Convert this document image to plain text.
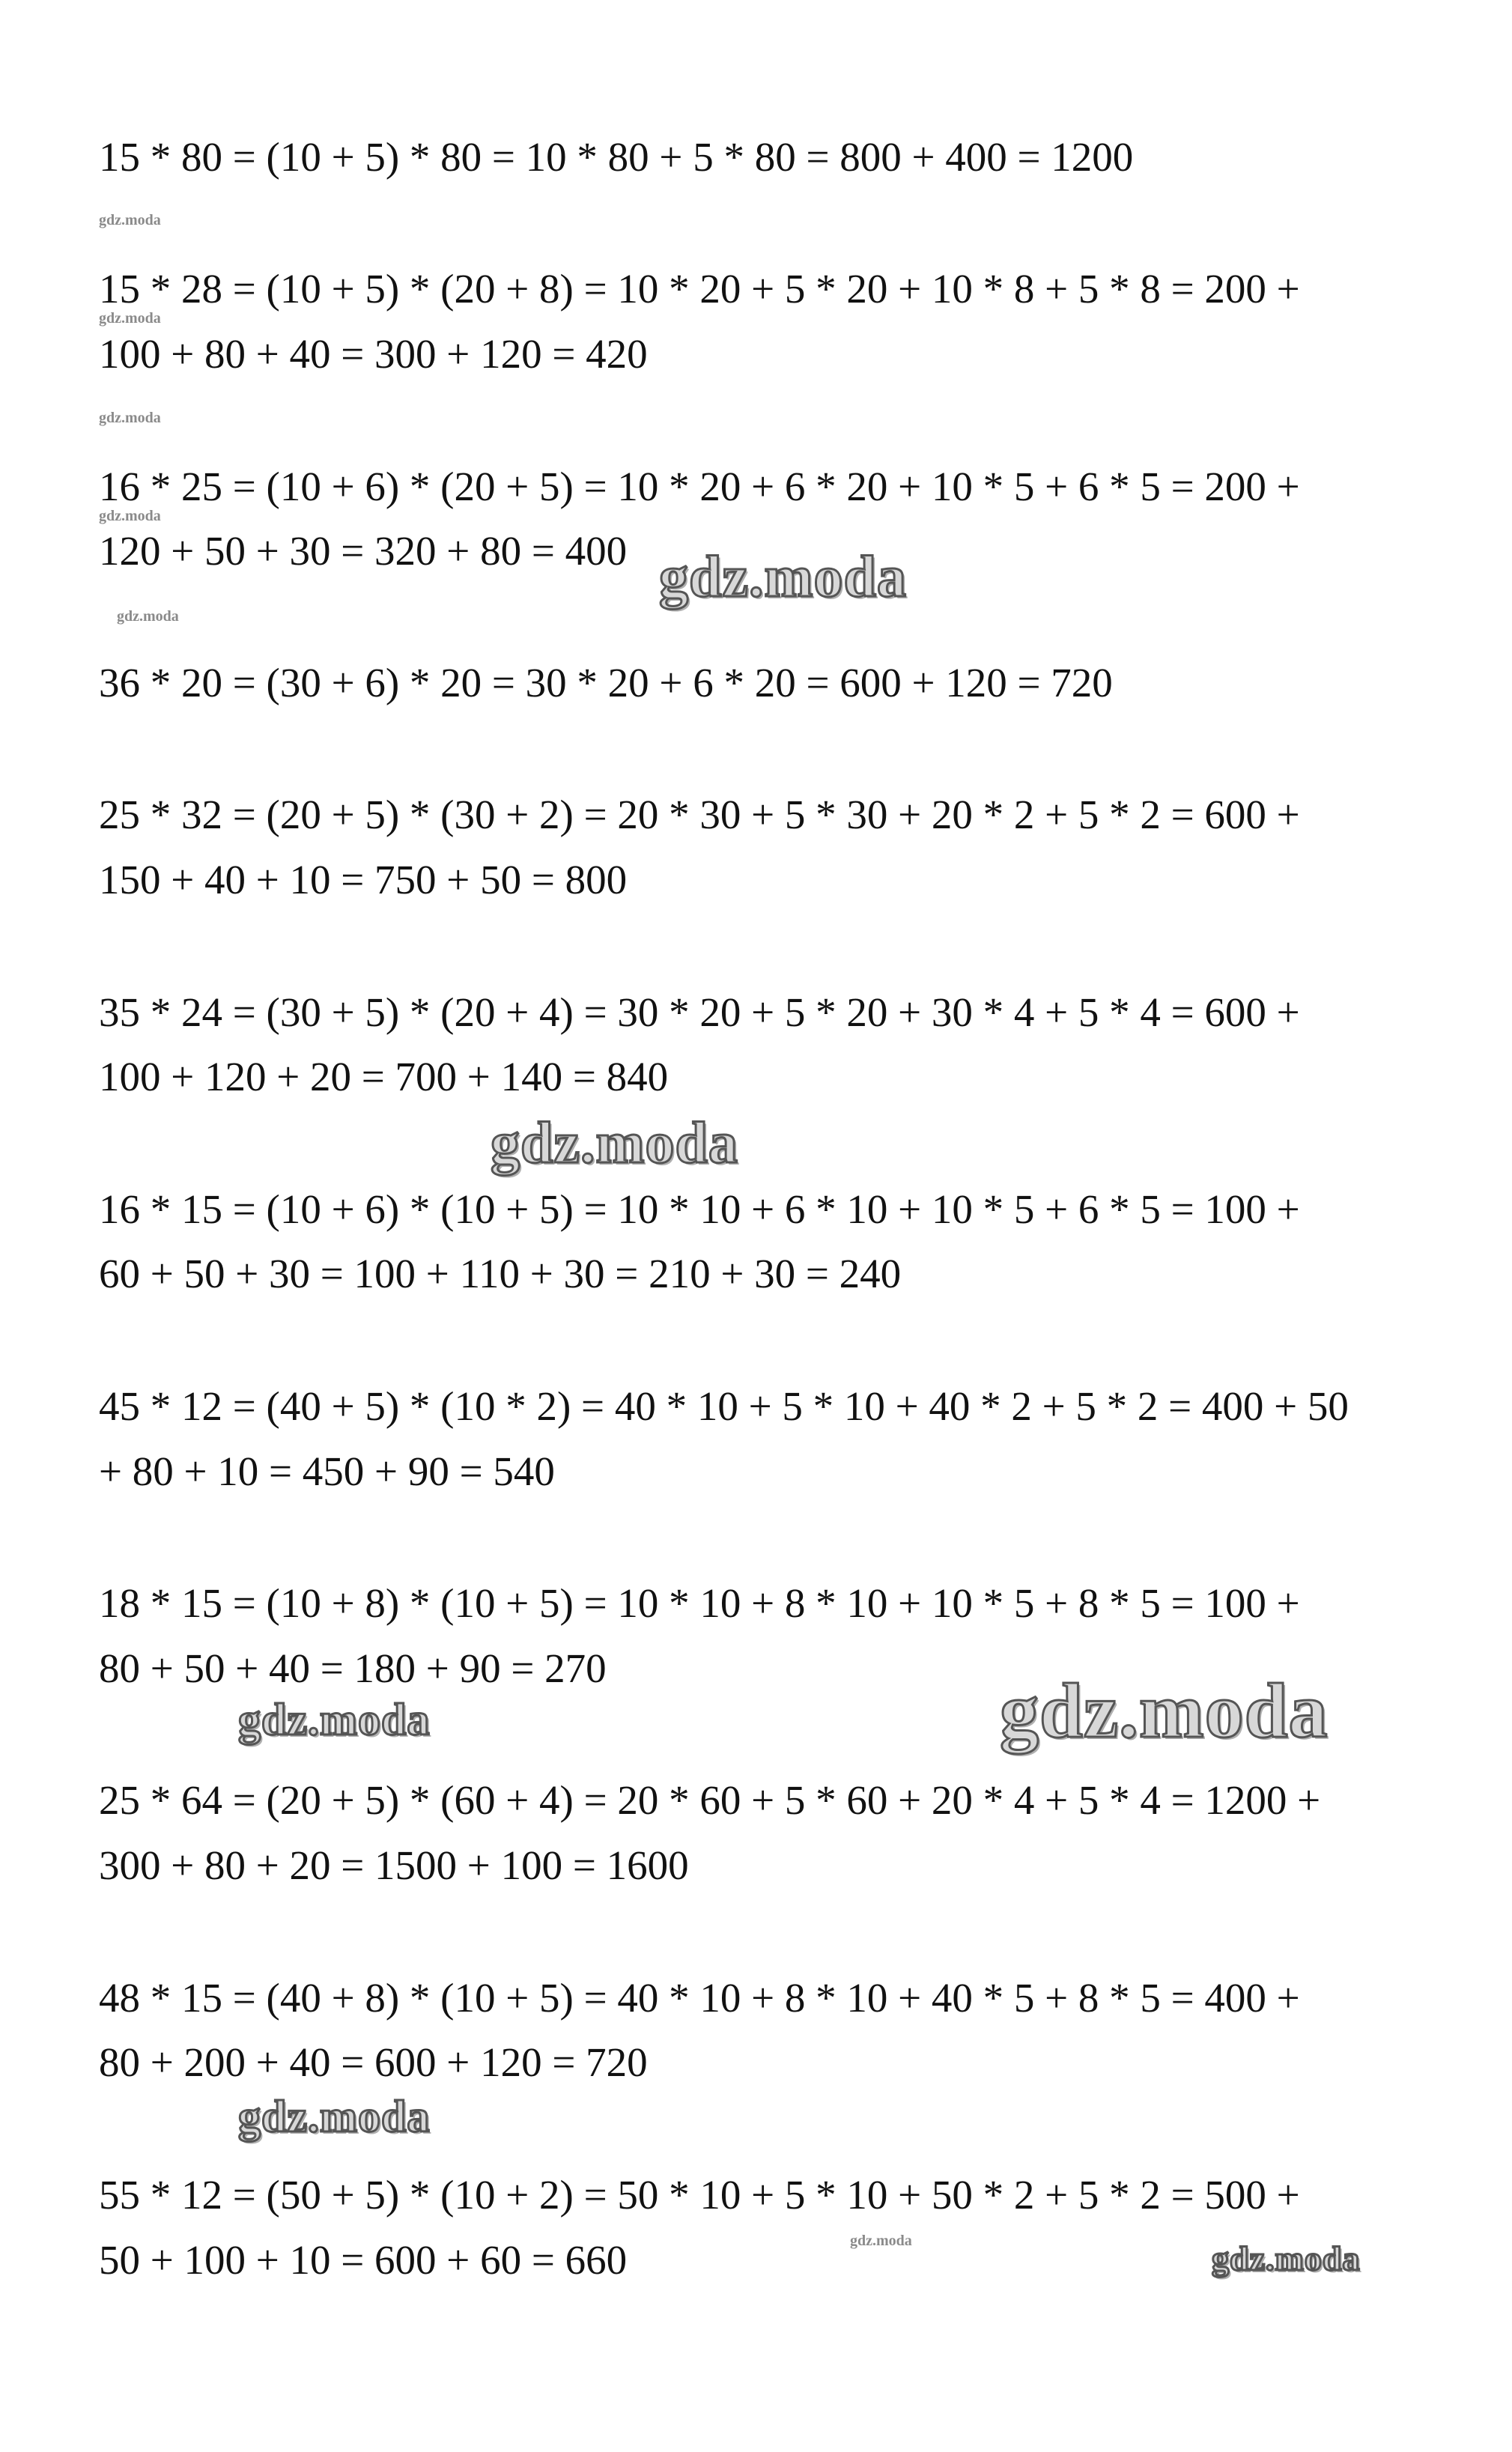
15 * 80 = (10 + 5) * 80 = 10 * 80 + 5 * 80 = 800 + 400 = 1200
15 * 28 = (10 + 5) * (20 + 8) = 10 * 20 + 5 * 20 + 10 * 8 + 5 * 8 = 200 +
100 + 80 + 40 = 300 + 120 = 420
16 * 25 = (10 + 6) * (20 + 5) = 10 * 20 + 6 * 20 + 10 * 5 + 6 * 5 = 200 +
120 + 50 + 30 = 320 + 80 = 400
36 * 20 = (30 + 6) * 20 = 30 * 20 + 6 * 20 = 600 + 120 = 720
25 * 32 = (20 + 5) * (30 + 2) = 20 * 30 + 5 * 30 + 20 * 2 + 5 * 2 = 600 +
150 + 40 + 10 = 750 + 50 = 800
35 * 24 = (30 + 5) * (20 + 4) = 30 * 20 + 5 * 20 + 30 * 4 + 5 * 4 = 600 +
100 + 120 + 20 = 700 + 140 = 840
16 * 15 = (10 + 6) * (10 + 5) = 10 * 10 + 6 * 10 + 10 * 5 + 6 * 5 = 100 +
60 + 50 + 30 = 100 + 110 + 30 = 210 + 30 = 240
45 * 12 = (40 + 5) * (10 * 2) = 40 * 10 + 5 * 10 + 40 * 2 + 5 * 2 = 400 + 50
+ 80 + 10 = 450 + 90 = 540
18 * 15 = (10 + 8) * (10 + 5) = 10 * 10 + 8 * 10 + 10 * 5 + 8 * 5 = 100 +
80 + 50 + 40 = 180 + 90 = 270
25 * 64 = (20 + 5) * (60 + 4) = 20 * 60 + 5 * 60 + 20 * 4 + 5 * 4 = 1200 +
300 + 80 + 20 = 1500 + 100 = 1600
48 * 15 = (40 + 8) * (10 + 5) = 40 * 10 + 8 * 10 + 40 * 5 + 8 * 5 = 400 +
80 + 200 + 40 = 600 + 120 = 720
55 * 12 = (50 + 5) * (10 + 2) = 50 * 10 + 5 * 10 + 50 * 2 + 5 * 2 = 500 +
50 + 100 + 10 = 600 + 60 = 660
gdz.moda
gdz.moda
gdz.moda
gdz.moda
gdz.moda
gdz.moda
gdz.moda
gdz.moda
gdz.moda	gdz.moda
gdz.moda
gdz.moda
